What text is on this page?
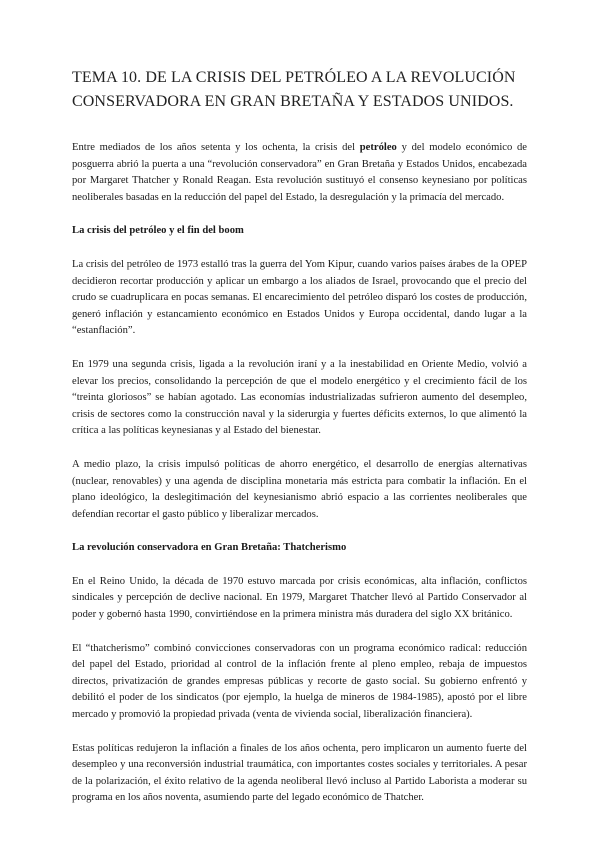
TEMA 10. DE LA CRISIS DEL PETRÓLEO A LA REVOLUCIÓN CONSERVADORA EN GRAN BRETAÑA Y ESTADOS UNIDOS.

Entre mediados de los años setenta y los ochenta, la crisis del petróleo y del modelo económico de posguerra abrió la puerta a una “revolución conservadora” en Gran Bretaña y Estados Unidos, encabezada por Margaret Thatcher y Ronald Reagan. Esta revolución sustituyó el consenso keynesiano por políticas neoliberales basadas en la reducción del papel del Estado, la desregulación y la primacía del mercado.

La crisis del petróleo y el fin del boom

La crisis del petróleo de 1973 estalló tras la guerra del Yom Kipur, cuando varios países árabes de la OPEP decidieron recortar producción y aplicar un embargo a los aliados de Israel, provocando que el precio del crudo se cuadruplicara en pocas semanas. El encarecimiento del petróleo disparó los costes de producción, generó inflación y estancamiento económico en Estados Unidos y Europa occidental, dando lugar a la “estanflación”.

En 1979 una segunda crisis, ligada a la revolución iraní y a la inestabilidad en Oriente Medio, volvió a elevar los precios, consolidando la percepción de que el modelo energético y el crecimiento fácil de los “treinta gloriosos” se habían agotado. Las economías industrializadas sufrieron aumento del desempleo, crisis de sectores como la construcción naval y la siderurgia y fuertes déficits externos, lo que alimentó la crítica a las políticas keynesianas y al Estado del bienestar.

A medio plazo, la crisis impulsó políticas de ahorro energético, el desarrollo de energías alternativas (nuclear, renovables) y una agenda de disciplina monetaria más estricta para combatir la inflación. En el plano ideológico, la deslegitimación del keynesianismo abrió espacio a las corrientes neoliberales que defendían recortar el gasto público y liberalizar mercados.

La revolución conservadora en Gran Bretaña: Thatcherismo

En el Reino Unido, la década de 1970 estuvo marcada por crisis económicas, alta inflación, conflictos sindicales y percepción de declive nacional. En 1979, Margaret Thatcher llevó al Partido Conservador al poder y gobernó hasta 1990, convirtiéndose en la primera ministra más duradera del siglo XX británico.

El “thatcherismo” combinó convicciones conservadoras con un programa económico radical: reducción del papel del Estado, prioridad al control de la inflación frente al pleno empleo, rebaja de impuestos directos, privatización de grandes empresas públicas y recorte de gasto social. Su gobierno enfrentó y debilitó el poder de los sindicatos (por ejemplo, la huelga de mineros de 1984-1985), apostó por el libre mercado y promovió la propiedad privada (venta de vivienda social, liberalización financiera).

Estas políticas redujeron la inflación a finales de los años ochenta, pero implicaron un aumento fuerte del desempleo y una reconversión industrial traumática, con importantes costes sociales y territoriales. A pesar de la polarización, el éxito relativo de la agenda neoliberal llevó incluso al Partido Laborista a moderar su programa en los años noventa, asumiendo parte del legado económico de Thatcher.
